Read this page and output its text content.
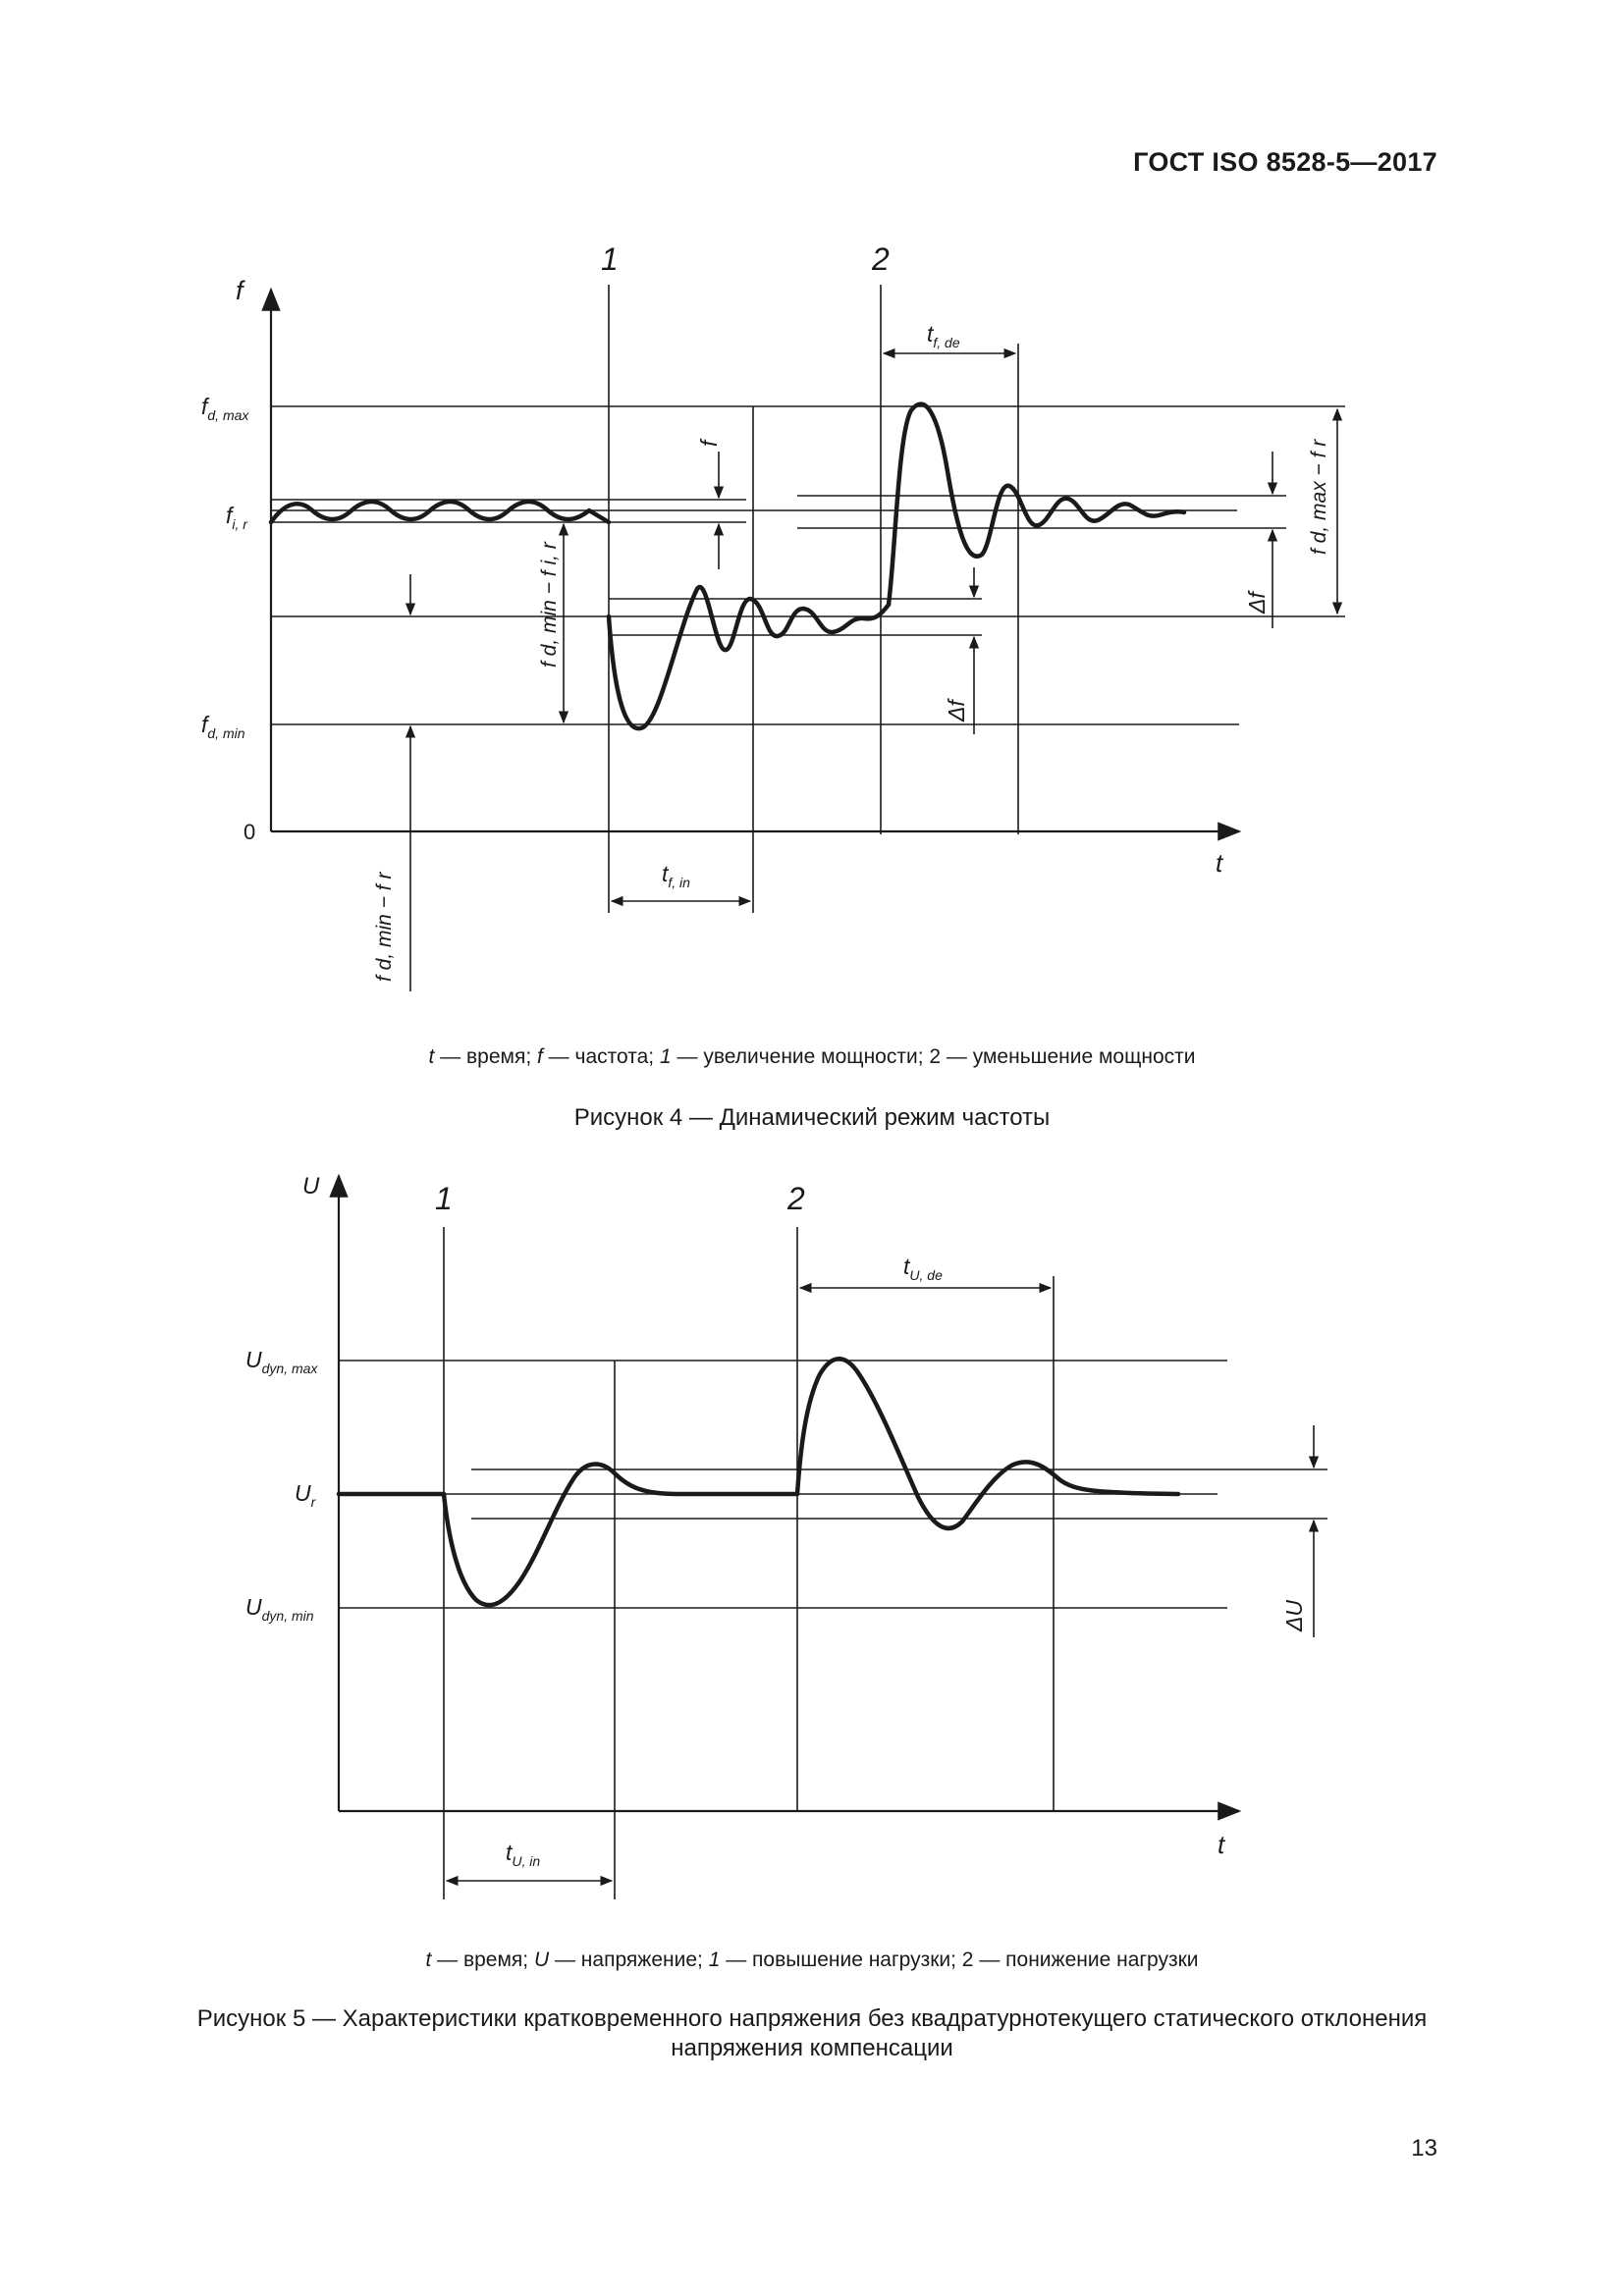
ГОСТ ISO 8528-5—2017
f
t
0
1	2
$f_{d, max}$
$f_{i, r}$
$f_{d, min}$
$t_{f, de}$
$t_{f, in}$
f
f d, min − f i, r
Δf
Δf
f d, max − f r
f d, min − f r
t — время; f — частота; 1 — увеличение мощности; 2 — уменьшение мощности
Рисунок 4 — Динамический режим частоты
U
t
1	2
$U_{dyn, max}$
$U_r$
$U_{dyn, min}$
$t_{U, de}$
$t_{U, in}$
ΔU
t — время; U — напряжение; 1 — повышение нагрузки; 2 — понижение нагрузки
Рисунок 5 — Характеристики кратковременного напряжения без квадратурнотекущего статического отклонения
напряжения компенсации
13
